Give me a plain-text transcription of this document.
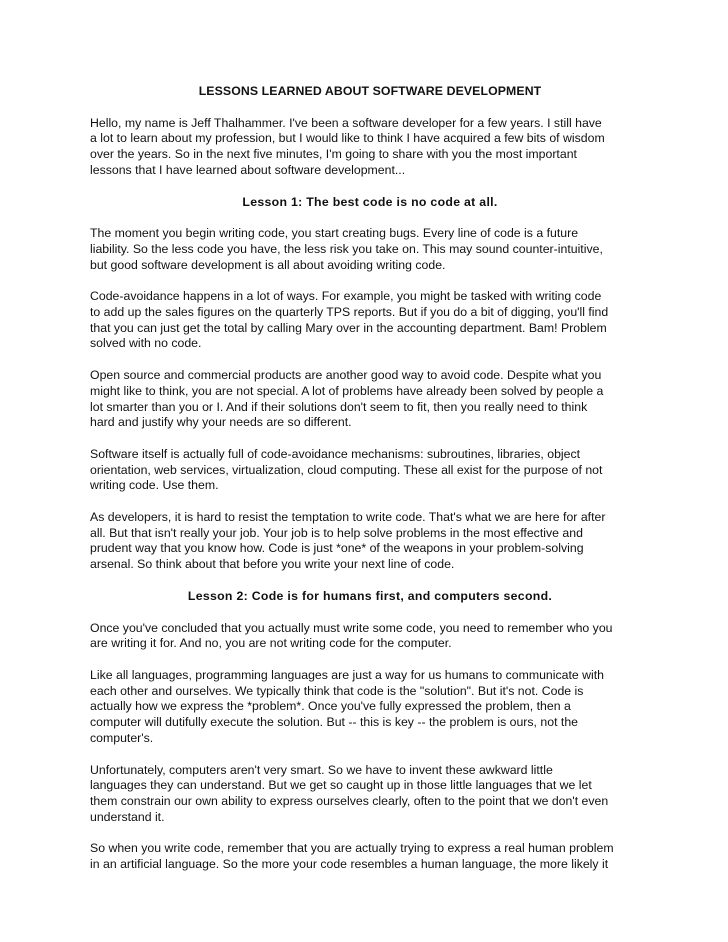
LESSONS LEARNED ABOUT SOFTWARE DEVELOPMENT

Hello, my name is Jeff Thalhammer. I've been a software developer for a few years. I still have
a lot to learn about my profession, but I would like to think I have acquired a few bits of wisdom
over the years. So in the next five minutes, I'm going to share with you the most important
lessons that I have learned about software development...

Lesson 1: The best code is no code at all.

The moment you begin writing code, you start creating bugs. Every line of code is a future
liability. So the less code you have, the less risk you take on. This may sound counter-intuitive,
but good software development is all about avoiding writing code.

Code-avoidance happens in a lot of ways. For example, you might be tasked with writing code
to add up the sales figures on the quarterly TPS reports. But if you do a bit of digging, you'll find
that you can just get the total by calling Mary over in the accounting department. Bam! Problem
solved with no code.

Open source and commercial products are another good way to avoid code. Despite what you
might like to think, you are not special. A lot of problems have already been solved by people a
lot smarter than you or I. And if their solutions don't seem to fit, then you really need to think
hard and justify why your needs are so different.

Software itself is actually full of code-avoidance mechanisms: subroutines, libraries, object
orientation, web services, virtualization, cloud computing. These all exist for the purpose of not
writing code. Use them.

As developers, it is hard to resist the temptation to write code. That's what we are here for after
all. But that isn't really your job. Your job is to help solve problems in the most effective and
prudent way that you know how. Code is just *one* of the weapons in your problem-solving
arsenal. So think about that before you write your next line of code.

Lesson 2: Code is for humans first, and computers second.

Once you've concluded that you actually must write some code, you need to remember who you
are writing it for. And no, you are not writing code for the computer.

Like all languages, programming languages are just a way for us humans to communicate with
each other and ourselves. We typically think that code is the "solution". But it's not. Code is
actually how we express the *problem*. Once you've fully expressed the problem, then a
computer will dutifully execute the solution. But -- this is key -- the problem is ours, not the
computer's.

Unfortunately, computers aren't very smart. So we have to invent these awkward little
languages they can understand. But we get so caught up in those little languages that we let
them constrain our own ability to express ourselves clearly, often to the point that we don't even
understand it.

So when you write code, remember that you are actually trying to express a real human problem
in an artificial language. So the more your code resembles a human language, the more likely it
